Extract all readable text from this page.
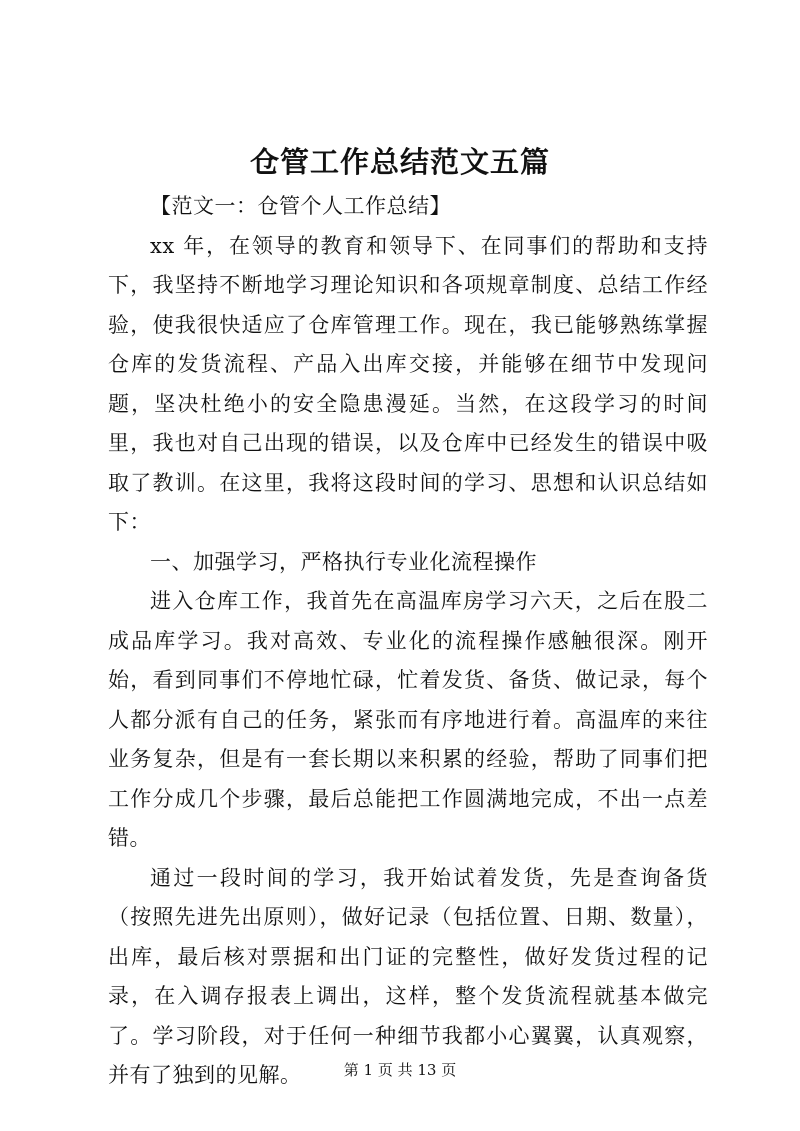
仓管工作总结范文五篇

【范文一：仓管个人工作总结】

xx 年，在领导的教育和领导下、在同事们的帮助和支持下，我坚持不断地学习理论知识和各项规章制度、总结工作经验，使我很快适应了仓库管理工作。现在，我已能够熟练掌握仓库的发货流程、产品入出库交接，并能够在细节中发现问题，坚决杜绝小的安全隐患漫延。当然，在这段学习的时间里，我也对自己出现的错误，以及仓库中已经发生的错误中吸取了教训。在这里，我将这段时间的学习、思想和认识总结如下：

一、加强学习，严格执行专业化流程操作

进入仓库工作，我首先在高温库房学习六天，之后在股二成品库学习。我对高效、专业化的流程操作感触很深。刚开始，看到同事们不停地忙碌，忙着发货、备货、做记录，每个人都分派有自己的任务，紧张而有序地进行着。高温库的来往业务复杂，但是有一套长期以来积累的经验，帮助了同事们把工作分成几个步骤，最后总能把工作圆满地完成，不出一点差错。

通过一段时间的学习，我开始试着发货，先是查询备货（按照先进先出原则），做好记录（包括位置、日期、数量），出库，最后核对票据和出门证的完整性，做好发货过程的记录，在入调存报表上调出，这样，整个发货流程就基本做完了。学习阶段，对于任何一种细节我都小心翼翼，认真观察，并有了独到的见解。	第 1 页 共 13 页
